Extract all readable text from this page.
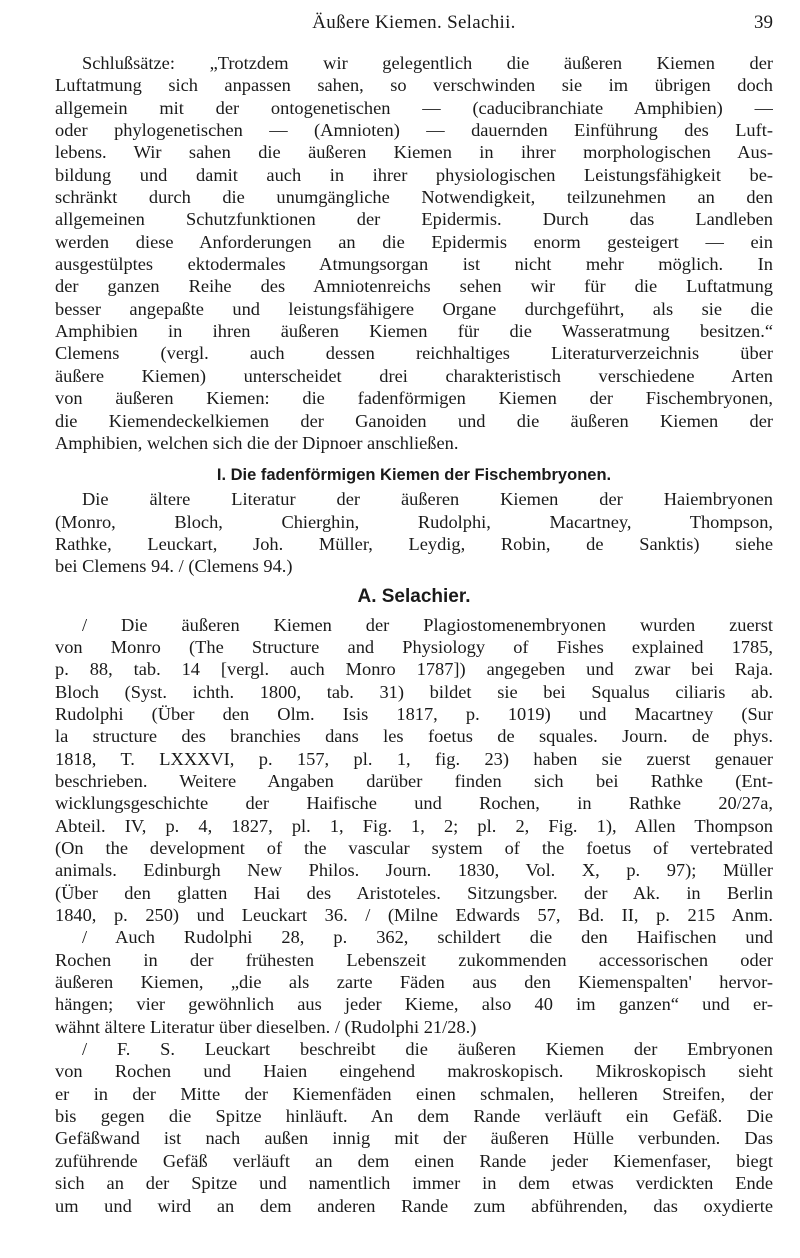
Äußere Kiemen. Selachii.	39
Schlußsätze: „Trotzdem wir gelegentlich die äußeren Kiemen der
Luftatmung sich anpassen sahen, so verschwinden sie im übrigen doch
allgemein mit der ontogenetischen — (caducibranchiate Amphibien) —
oder phylogenetischen — (Amnioten) — dauernden Einführung des Luft-
lebens. Wir sahen die äußeren Kiemen in ihrer morphologischen Aus-
bildung und damit auch in ihrer physiologischen Leistungsfähigkeit be-
schränkt durch die unumgängliche Notwendigkeit, teilzunehmen an den
allgemeinen Schutzfunktionen der Epidermis. Durch das Landleben
werden diese Anforderungen an die Epidermis enorm gesteigert — ein
ausgestülptes ektodermales Atmungsorgan ist nicht mehr möglich. In
der ganzen Reihe des Amniotenreichs sehen wir für die Luftatmung
besser angepaßte und leistungsfähigere Organe durchgeführt, als sie die
Amphibien in ihren äußeren Kiemen für die Wasseratmung besitzen.“
Clemens (vergl. auch dessen reichhaltiges Literaturverzeichnis über
äußere Kiemen) unterscheidet drei charakteristisch verschiedene Arten
von äußeren Kiemen: die fadenförmigen Kiemen der Fischembryonen,
die Kiemendeckelkiemen der Ganoiden und die äußeren Kiemen der
Amphibien, welchen sich die der Dipnoer anschließen.
I. Die fadenförmigen Kiemen der Fischembryonen.
Die ältere Literatur der äußeren Kiemen der Haiembryonen
(Monro, Bloch, Chierghin, Rudolphi, Macartney, Thompson,
Rathke, Leuckart, Joh. Müller, Leydig, Robin, de Sanktis) siehe
bei Clemens 94. / (Clemens 94.)
A. Selachier.
/ Die äußeren Kiemen der Plagiostomenembryonen wurden zuerst
von Monro (The Structure and Physiology of Fishes explained 1785,
p. 88, tab. 14 [vergl. auch Monro 1787]) angegeben und zwar bei Raja.
Bloch (Syst. ichth. 1800, tab. 31) bildet sie bei Squalus ciliaris ab.
Rudolphi (Über den Olm. Isis 1817, p. 1019) und Macartney (Sur
la structure des branchies dans les foetus de squales. Journ. de phys.
1818, T. LXXXVI, p. 157, pl. 1, fig. 23) haben sie zuerst genauer
beschrieben. Weitere Angaben darüber finden sich bei Rathke (Ent-
wicklungsgeschichte der Haifische und Rochen, in Rathke 20/27a,
Abteil. IV, p. 4, 1827, pl. 1, Fig. 1, 2; pl. 2, Fig. 1), Allen Thompson
(On the development of the vascular system of the foetus of vertebrated
animals. Edinburgh New Philos. Journ. 1830, Vol. X, p. 97); Müller
(Über den glatten Hai des Aristoteles. Sitzungsber. der Ak. in Berlin
1840, p. 250) und Leuckart 36. / (Milne Edwards 57, Bd. II, p. 215 Anm.
/ Auch Rudolphi 28, p. 362, schildert die den Haifischen und
Rochen in der frühesten Lebenszeit zukommenden accessorischen oder
äußeren Kiemen, „die als zarte Fäden aus den Kiemenspalten' hervor-
hängen; vier gewöhnlich aus jeder Kieme, also 40 im ganzen“ und er-
wähnt ältere Literatur über dieselben. / (Rudolphi 21/28.)
/ F. S. Leuckart beschreibt die äußeren Kiemen der Embryonen
von Rochen und Haien eingehend makroskopisch. Mikroskopisch sieht
er in der Mitte der Kiemenfäden einen schmalen, helleren Streifen, der
bis gegen die Spitze hinläuft. An dem Rande verläuft ein Gefäß. Die
Gefäßwand ist nach außen innig mit der äußeren Hülle verbunden. Das
zuführende Gefäß verläuft an dem einen Rande jeder Kiemenfaser, biegt
sich an der Spitze und namentlich immer in dem etwas verdickten Ende
um und wird an dem anderen Rande zum abführenden, das oxydierte
